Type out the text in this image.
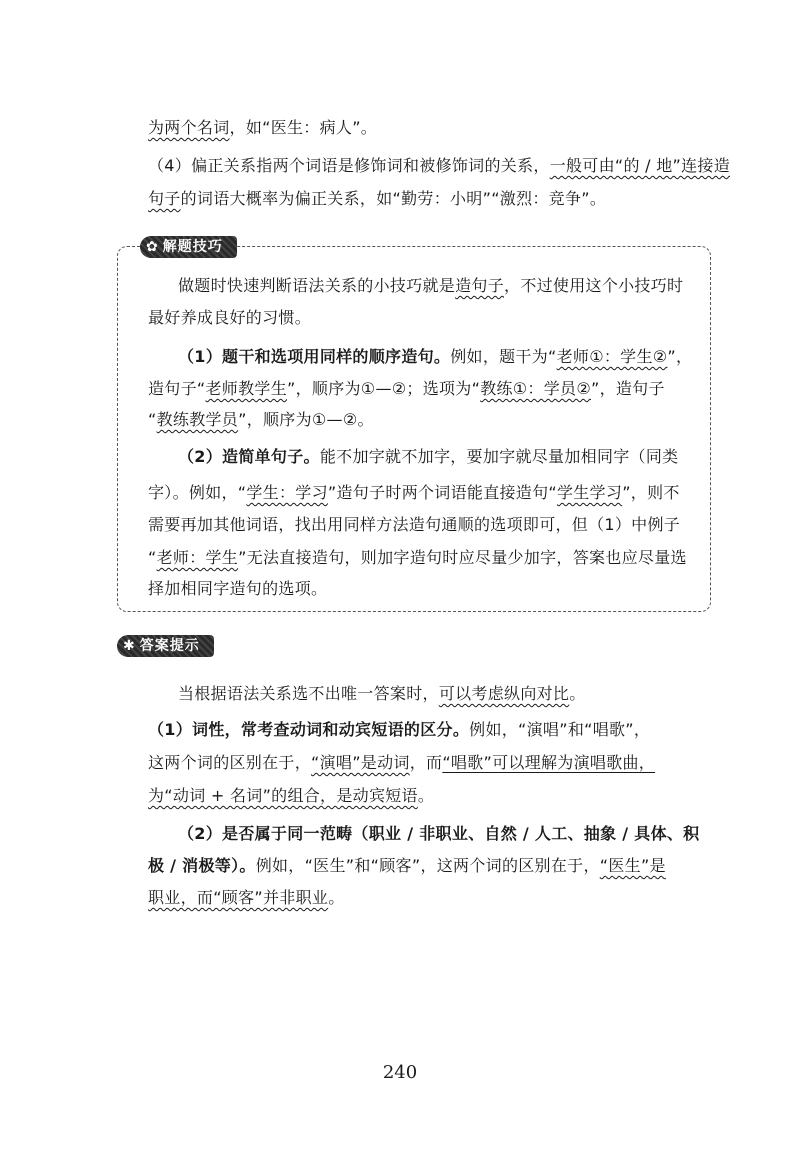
为两个名词，如“医生：病人”。
（4）偏正关系指两个词语是修饰词和被修饰词的关系，一般可由“的 / 地”连接造
句子的词语大概率为偏正关系，如“勤劳：小明”“激烈：竞争”。
✿ 解题技巧
做题时快速判断语法关系的小技巧就是造句子，不过使用这个小技巧时
最好养成良好的习惯。
（1）题干和选项用同样的顺序造句。例如，题干为“老师①：学生②”，
造句子“老师教学生”，顺序为①—②；选项为“教练①：学员②”，造句子
“教练教学员”，顺序为①—②。
（2）造简单句子。能不加字就不加字，要加字就尽量加相同字（同类
字）。例如，“学生：学习”造句子时两个词语能直接造句“学生学习”，则不
需要再加其他词语，找出用同样方法造句通顺的选项即可，但（1）中例子
“老师：学生”无法直接造句，则加字造句时应尽量少加字，答案也应尽量选
择加相同字造句的选项。
✱ 答案提示
当根据语法关系选不出唯一答案时，可以考虑纵向对比。
（1）词性，常考查动词和动宾短语的区分。例如，“演唱”和“唱歌”，
这两个词的区别在于，“演唱”是动词，而“唱歌”可以理解为演唱歌曲，
为“动词 + 名词”的组合，是动宾短语。
（2）是否属于同一范畴（职业 / 非职业、自然 / 人工、抽象 / 具体、积
极 / 消极等）。例如，“医生”和“顾客”，这两个词的区别在于，“医生”是
职业，而“顾客”并非职业。
240
